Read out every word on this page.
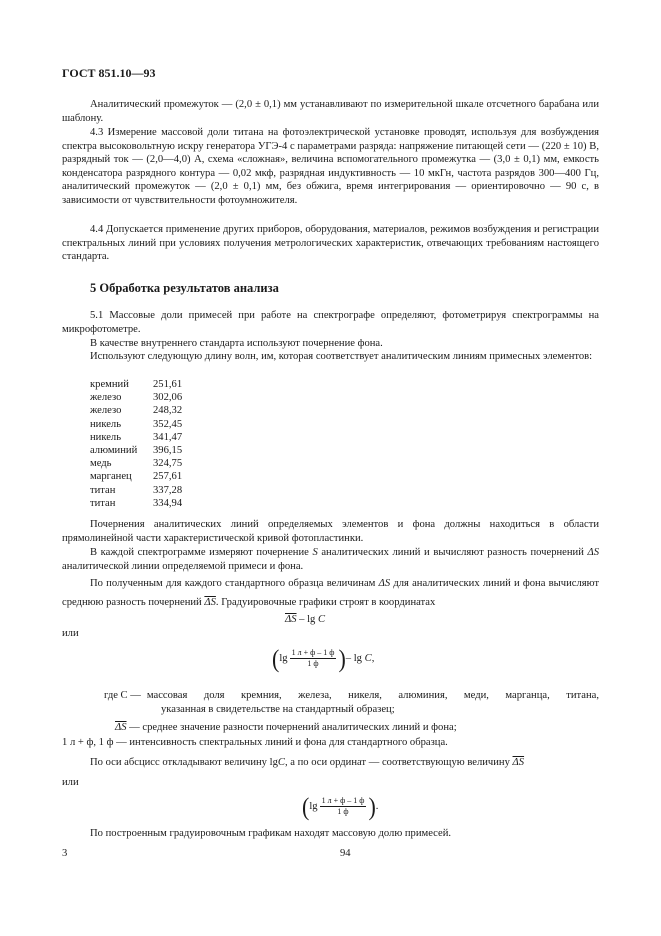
ГОСТ 851.10—93
Аналитический промежуток — (2,0 ± 0,1) мм устанавливают по измерительной шкале отсчетного барабана или шаблону.
4.3 Измерение массовой доли титана на фотоэлектрической установке проводят, используя для возбуждения спектра высоковольтную искру генератора УГЭ-4 с параметрами разряда: напряжение питающей сети — (220 ± 10) В, разрядный ток — (2,0—4,0) А, схема «сложная», величина вспомогательного промежутка — (3,0 ± 0,1) мм, емкость конденсатора разрядного контура — 0,02 мкф, разрядная индуктивность — 10 мкГн, частота разрядов 300—400 Гц, аналитический промежуток — (2,0 ± 0,1) мм, без обжига, время интегрирования — ориентировочно — 90 с, в зависимости от чувствительности фотоумножителя.
4.4 Допускается применение других приборов, оборудования, материалов, режимов возбуждения и регистрации спектральных линий при условиях получения метрологических характеристик, отвечающих требованиям настоящего стандарта.
5 Обработка результатов анализа
5.1 Массовые доли примесей при работе на спектрографе определяют, фотометрируя спектрограммы на микрофотометре.
В качестве внутреннего стандарта используют почернение фона.
Используют следующую длину волн, им, которая соответствует аналитическим линиям примесных элементов:
кремний	251,61
железо	302,06
железо	248,32
никель	352,45
никель	341,47
алюминий	396,15
медь	324,75
марганец	257,61
титан	337,28
титан	334,94
Почернения аналитических линий определяемых элементов и фона должны находиться в области прямолинейной части характеристической кривой фотопластинки.
В каждой спектрограмме измеряют почернение S аналитических линий и вычисляют разность почернений ΔS аналитической линии определяемой примеси и фона.
По полученным для каждого стандартного образца величинам ΔS для аналитических линий и фона вычисляют среднюю разность почернений $\overline{\Delta S}$. Градуировочные графики строят в координатах
$\overline{\Delta S}$ – lg C
или
( $\lg \frac{1 л + ф - 1 ф}{1 ф}$ ) – lg
C ,
где C — массовая доля кремния, железа, никеля, алюминия, меди, марганца, титана,
указанная в свидетельстве на стандартный образец;
$\overline{\Delta S}$ — среднее значение разности почернений аналитических линий и фона;
1 л + ф, 1 ф — интенсивность спектральных линий и фона для стандартного образца.
По оси абсцисс откладывают величину lgC, а по оси ординат — соответствующую величину $\overline{\Delta S}$
или
( $\lg \frac{1 л + ф - 1 ф}{1 ф}$ ) .
По построенным градуировочным графикам находят массовую долю примесей.
3	94
